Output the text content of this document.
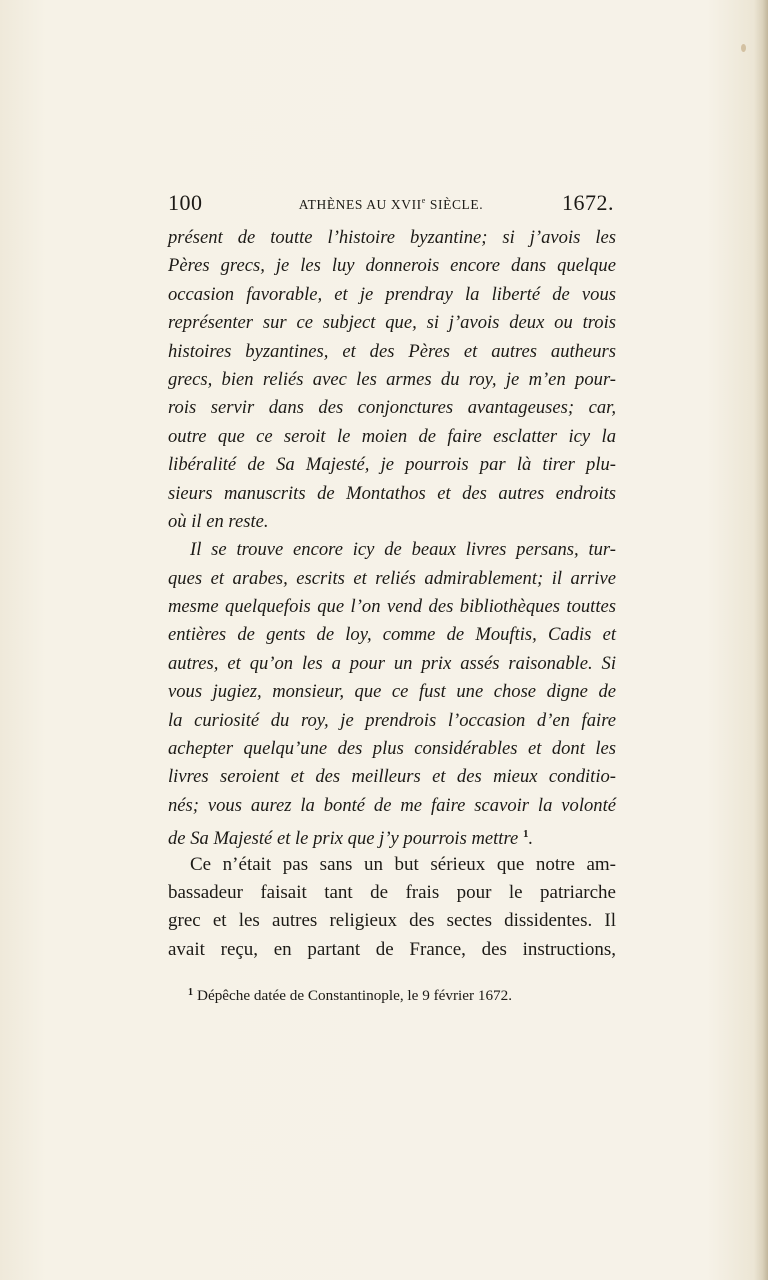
100	ATHÈNES AU XVIIe SIÈCLE.	1672.
présent de toutte l’histoire byzantine; si j’avois les
Pères grecs, je les luy donnerois encore dans quelque
occasion favorable, et je prendray la liberté de vous
représenter sur ce subject que, si j’avois deux ou trois
histoires byzantines, et des Pères et autres autheurs
grecs, bien reliés avec les armes du roy, je m’en pour-
rois servir dans des conjonctures avantageuses; car,
outre que ce seroit le moien de faire esclatter icy la
libéralité de Sa Majesté, je pourrois par là tirer plu-
sieurs manuscrits de Montathos et des autres endroits
où il en reste.
Il se trouve encore icy de beaux livres persans, tur-
ques et arabes, escrits et reliés admirablement; il arrive
mesme quelquefois que l’on vend des bibliothèques touttes
entières de gents de loy, comme de Mouftis, Cadis et
autres, et qu’on les a pour un prix assés raisonable. Si
vous jugiez, monsieur, que ce fust une chose digne de
la curiosité du roy, je prendrois l’occasion d’en faire
achepter quelqu’une des plus considérables et dont les
livres seroient et des meilleurs et des mieux conditio-
nés; vous aurez la bonté de me faire scavoir la volonté
de Sa Majesté et le prix que j’y pourrois mettre $^1$.
Ce n’était pas sans un but sérieux que notre am-
bassadeur faisait tant de frais pour le patriarche
grec et les autres religieux des sectes dissidentes. Il
avait reçu, en partant de France, des instructions,
$^1$ Dépêche datée de Constantinople, le 9 février 1672.
